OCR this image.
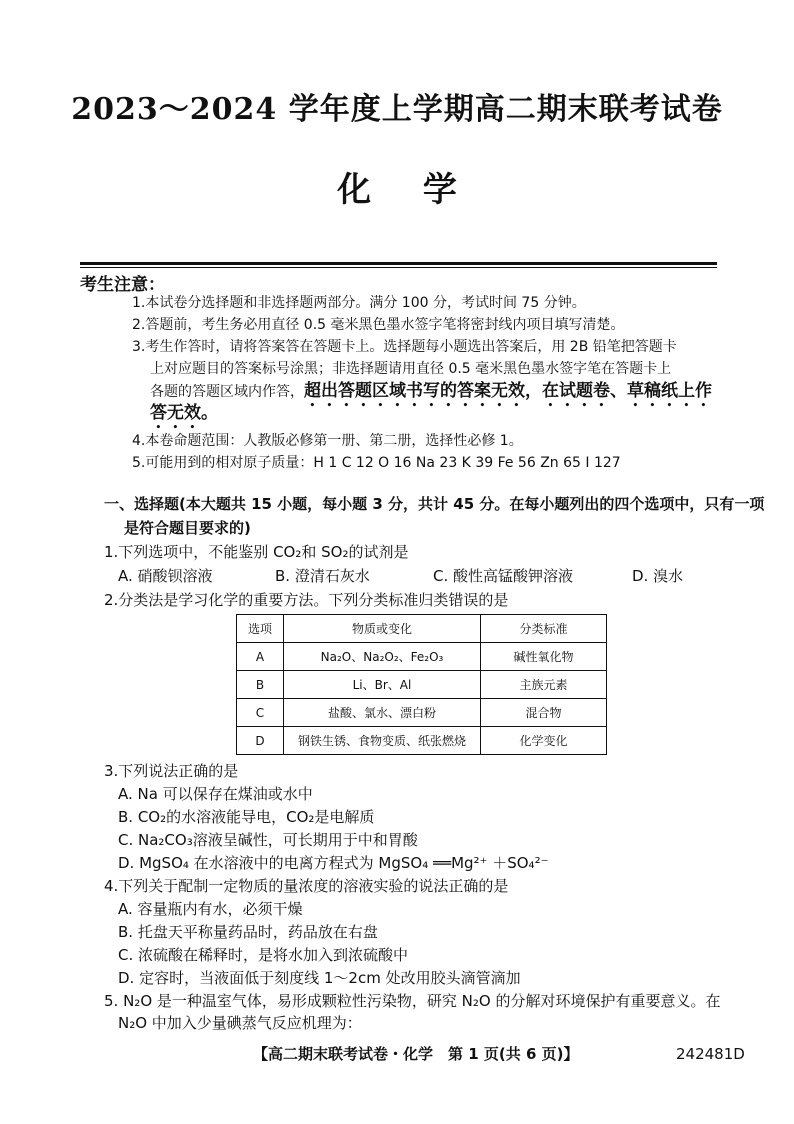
2023～2024 学年度上学期高二期末联考试卷
化 学
考生注意：
1.本试卷分选择题和非选择题两部分。满分 100 分，考试时间 75 分钟。
2.答题前，考生务必用直径 0.5 毫米黑色墨水签字笔将密封线内项目填写清楚。
3.考生作答时，请将答案答在答题卡上。选择题每小题选出答案后，用 2B 铅笔把答题卡
上对应题目的答案标号涂黑；非选择题请用直径 0.5 毫米黑色墨水签字笔在答题卡上
各题的答题区域内作答，超出答题区域书写的答案无效，在试题卷、草稿纸上作
答无效。
4.本卷命题范围：人教版必修第一册、第二册，选择性必修 1。
5.可能用到的相对原子质量：H 1 C 12 O 16 Na 23 K 39 Fe 56 Zn 65 I 127
一、选择题(本大题共 15 小题，每小题 3 分，共计 45 分。在每小题列出的四个选项中，只有一项
是符合题目要求的)
1.下列选项中，不能鉴别 CO₂和 SO₂的试剂是
A. 硝酸钡溶液	B. 澄清石灰水	C. 酸性高锰酸钾溶液	D. 溴水
2.分类法是学习化学的重要方法。下列分类标准归类错误的是
选项	物质或变化	分类标准
A	Na₂O、Na₂O₂、Fe₂O₃	碱性氧化物
B	Li、Br、Al	主族元素
C	盐酸、氯水、漂白粉	混合物
D	钢铁生锈、食物变质、纸张燃烧	化学变化
3.下列说法正确的是
A. Na 可以保存在煤油或水中
B. CO₂的水溶液能导电，CO₂是电解质
C. Na₂CO₃溶液呈碱性，可长期用于中和胃酸
D. MgSO₄ 在水溶液中的电离方程式为 MgSO₄ ══Mg²⁺ ＋SO₄²⁻
4.下列关于配制一定物质的量浓度的溶液实验的说法正确的是
A. 容量瓶内有水，必须干燥
B. 托盘天平称量药品时，药品放在右盘
C. 浓硫酸在稀释时，是将水加入到浓硫酸中
D. 定容时，当液面低于刻度线 1～2cm 处改用胶头滴管滴加
5. N₂O 是一种温室气体，易形成颗粒性污染物，研究 N₂O 的分解对环境保护有重要意义。在
N₂O 中加入少量碘蒸气反应机理为：
【高二期末联考试卷・化学　第 1 页(共 6 页)】	242481D
